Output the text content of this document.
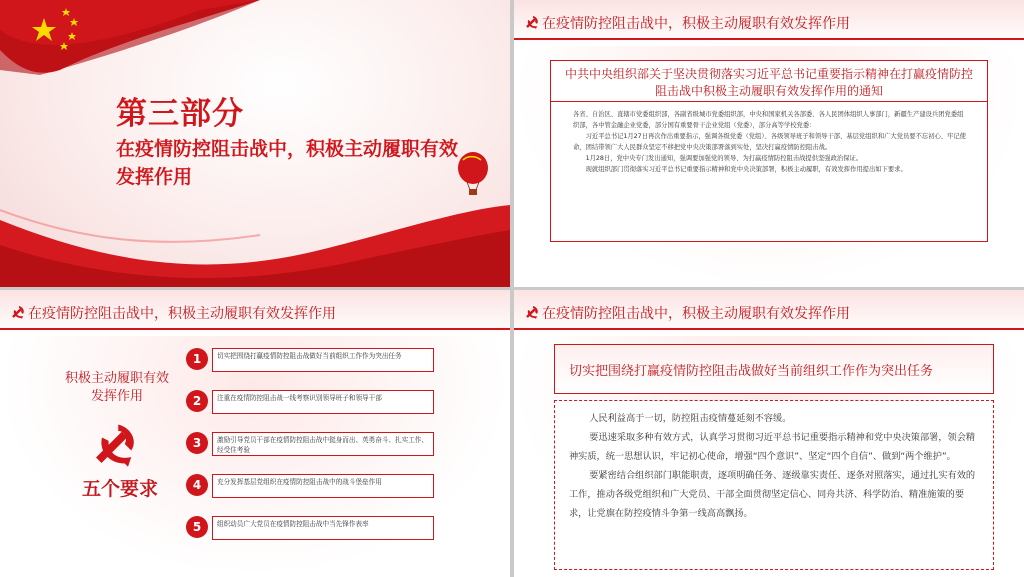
第三部分
在疫情防控阻击战中，积极主动履职有效发挥作用
在疫情防控阻击战中，积极主动履职有效发挥作用
中共中央组织部关于坚决贯彻落实习近平总书记重要指示精神在打赢疫情防控
阻击战中积极主动履职有效发挥作用的通知

各省、自治区、直辖市党委组织部，各副省级城市党委组织部，中央和国家机关各部委、各人民团体组织人事部门，新疆生产建设兵团党委组织部，各中管金融企业党委，部分国有重要骨干企业党组（党委），部分高等学校党委：

习近平总书记1月27日再次作出重要指示，强调各级党委（党组）、各级领导班子和领导干部、基层党组织和广大党员要不忘初心、牢记使命，团结带领广大人民群众坚定不移把党中央决策部署落到实处，坚决打赢疫情防控阻击战。

1月28日，党中央专门发出通知，强调要加强党的领导、为打赢疫情防控阻击战提供坚强政治保证。

现就组织部门贯彻落实习近平总书记重要指示精神和党中央决策部署，积极主动履职，有效发挥作用提出如下要求。

在疫情防控阻击战中，积极主动履职有效发挥作用
积极主动履职有效发挥作用
五个要求
1	切实把围绕打赢疫情防控阻击战做好当前组织工作作为突出任务
2	注重在疫情防控阻击战一线考察识别领导班子和领导干部
3	激励引导党员干部在疫情防控阻击战中挺身而出、英勇奋斗、扎实工作、经受住考验
4	充分发挥基层党组织在疫情防控阻击战中的战斗堡垒作用
5	组织动员广大党员在疫情防控阻击战中当先锋作表率
在疫情防控阻击战中，积极主动履职有效发挥作用
切实把围绕打赢疫情防控阻击战做好当前组织工作作为突出任务

人民利益高于一切，防控阻击疫情蔓延刻不容缓。

要迅速采取多种有效方式，认真学习贯彻习近平总书记重要指示精神和党中央决策部署，领会精神实质，统一思想认识，牢记初心使命，增强“四个意识”、坚定“四个自信”、做到“两个维护”。

要紧密结合组织部门职能职责，逐项明确任务、逐级靠实责任、逐条对照落实，通过扎实有效的工作，推动各级党组织和广大党员、干部全面贯彻坚定信心、同舟共济、科学防治、精准施策的要求，让党旗在防控疫情斗争第一线高高飘扬。
